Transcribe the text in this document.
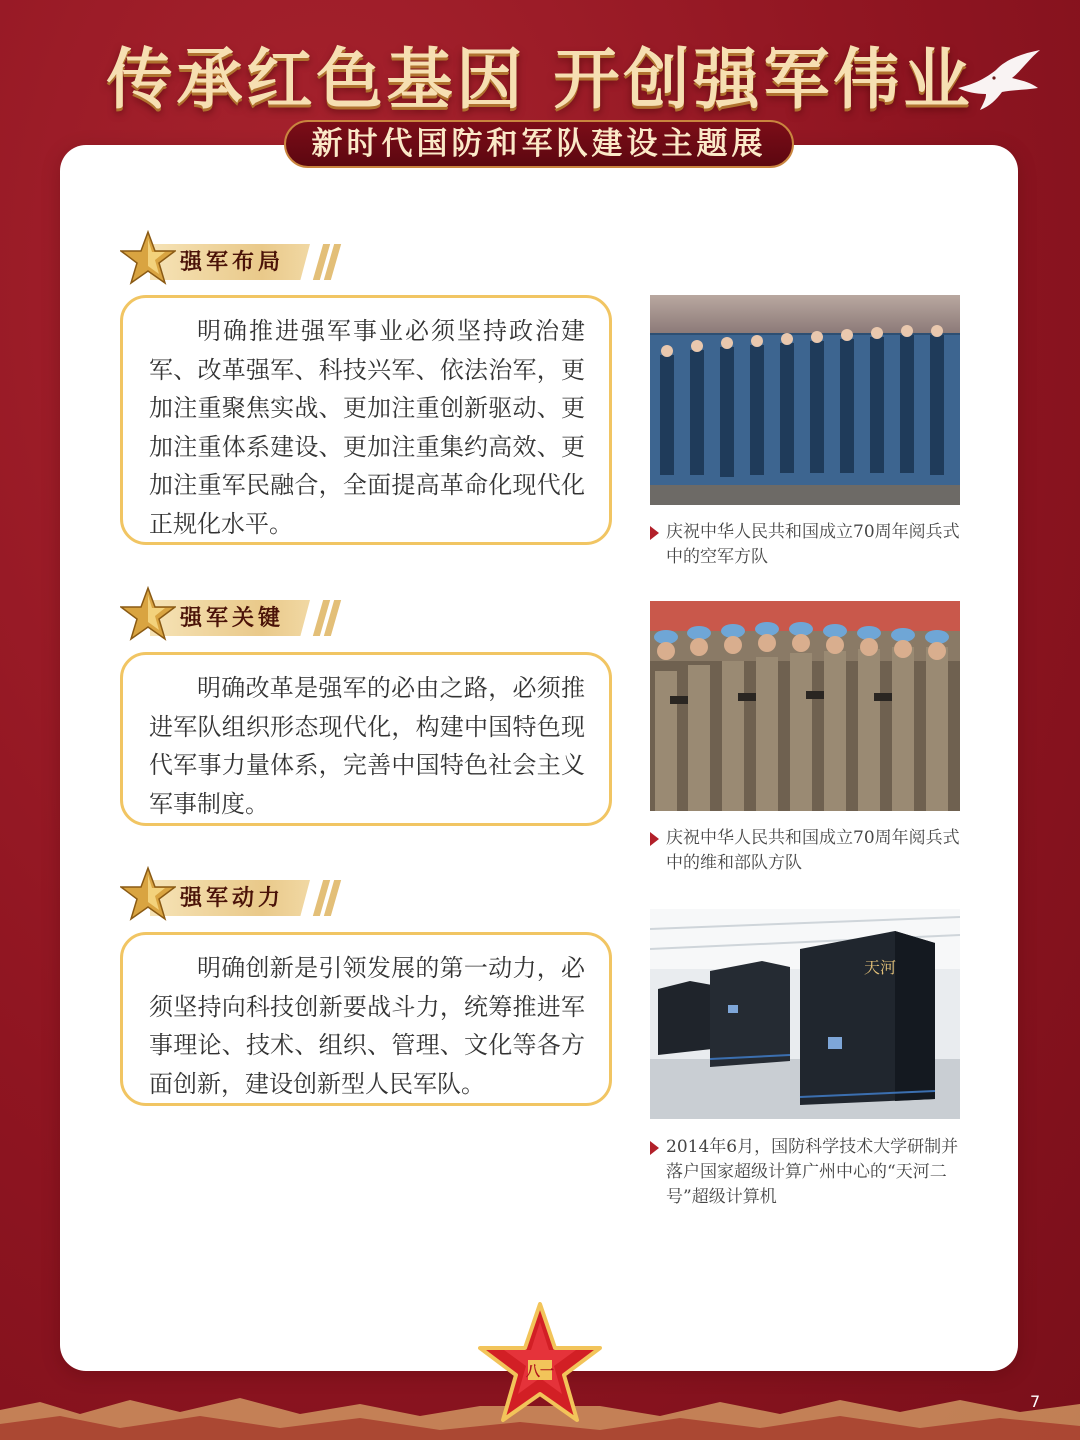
传承红色基因 开创强军伟业
新时代国防和军队建设主题展
强军布局
明确推进强军事业必须坚持政治建军、改革强军、科技兴军、依法治军，更加注重聚焦实战、更加注重创新驱动、更加注重体系建设、更加注重集约高效、更加注重军民融合，全面提高革命化现代化正规化水平。	庆祝中华人民共和国成立70周年阅兵式中的空军方队
强军关键
明确改革是强军的必由之路，必须推进军队组织形态现代化，构建中国特色现代军事力量体系，完善中国特色社会主义军事制度。
庆祝中华人民共和国成立70周年阅兵式中的维和部队方队
强军动力
明确创新是引领发展的第一动力，必须坚持向科技创新要战斗力，统筹推进军事理论、技术、组织、管理、文化等各方面创新，建设创新型人民军队。
天河
2014年6月，国防科学技术大学研制并落户国家超级计算广州中心的“天河二号”超级计算机
八一
7
